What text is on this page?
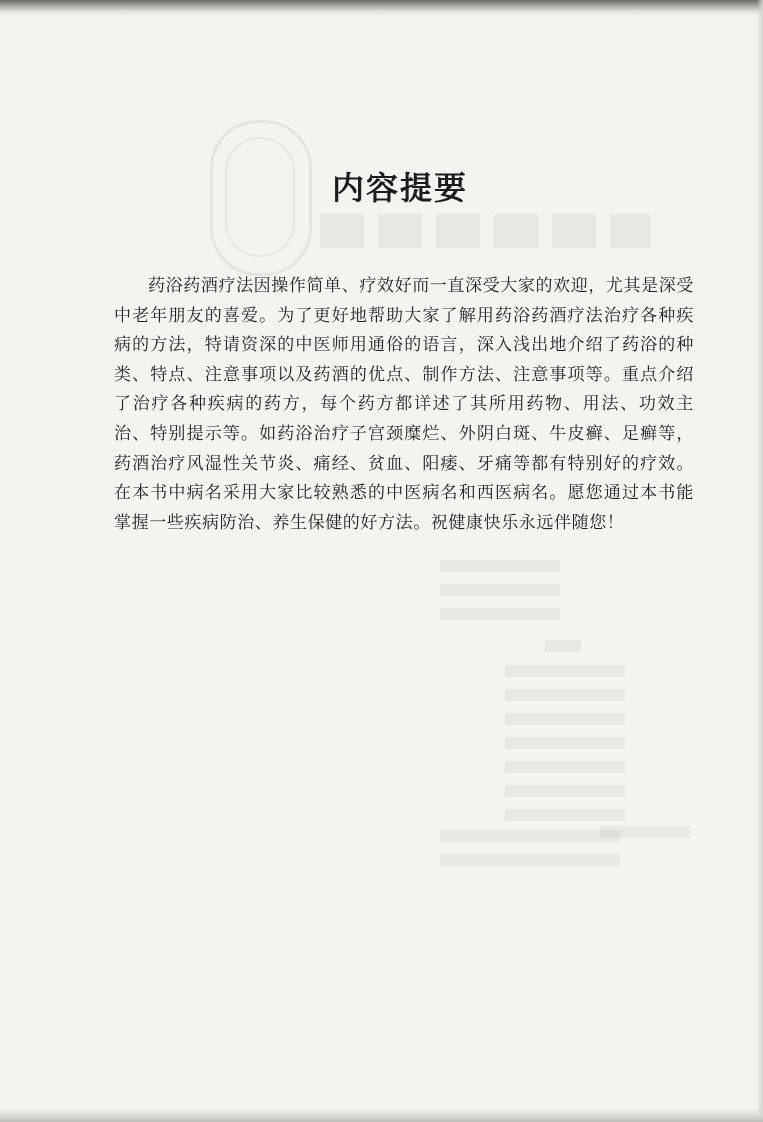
内容提要

药浴药酒疗法因操作简单、疗效好而一直深受大家的欢迎，尤其是深受中老年朋友的喜爱。为了更好地帮助大家了解用药浴药酒疗法治疗各种疾病的方法，特请资深的中医师用通俗的语言，深入浅出地介绍了药浴的种类、特点、注意事项以及药酒的优点、制作方法、注意事项等。重点介绍了治疗各种疾病的药方，每个药方都详述了其所用药物、用法、功效主治、特别提示等。如药浴治疗子宫颈糜烂、外阴白斑、牛皮癣、足癣等，药酒治疗风湿性关节炎、痛经、贫血、阳痿、牙痛等都有特别好的疗效。在本书中病名采用大家比较熟悉的中医病名和西医病名。愿您通过本书能掌握一些疾病防治、养生保健的好方法。祝健康快乐永远伴随您！
